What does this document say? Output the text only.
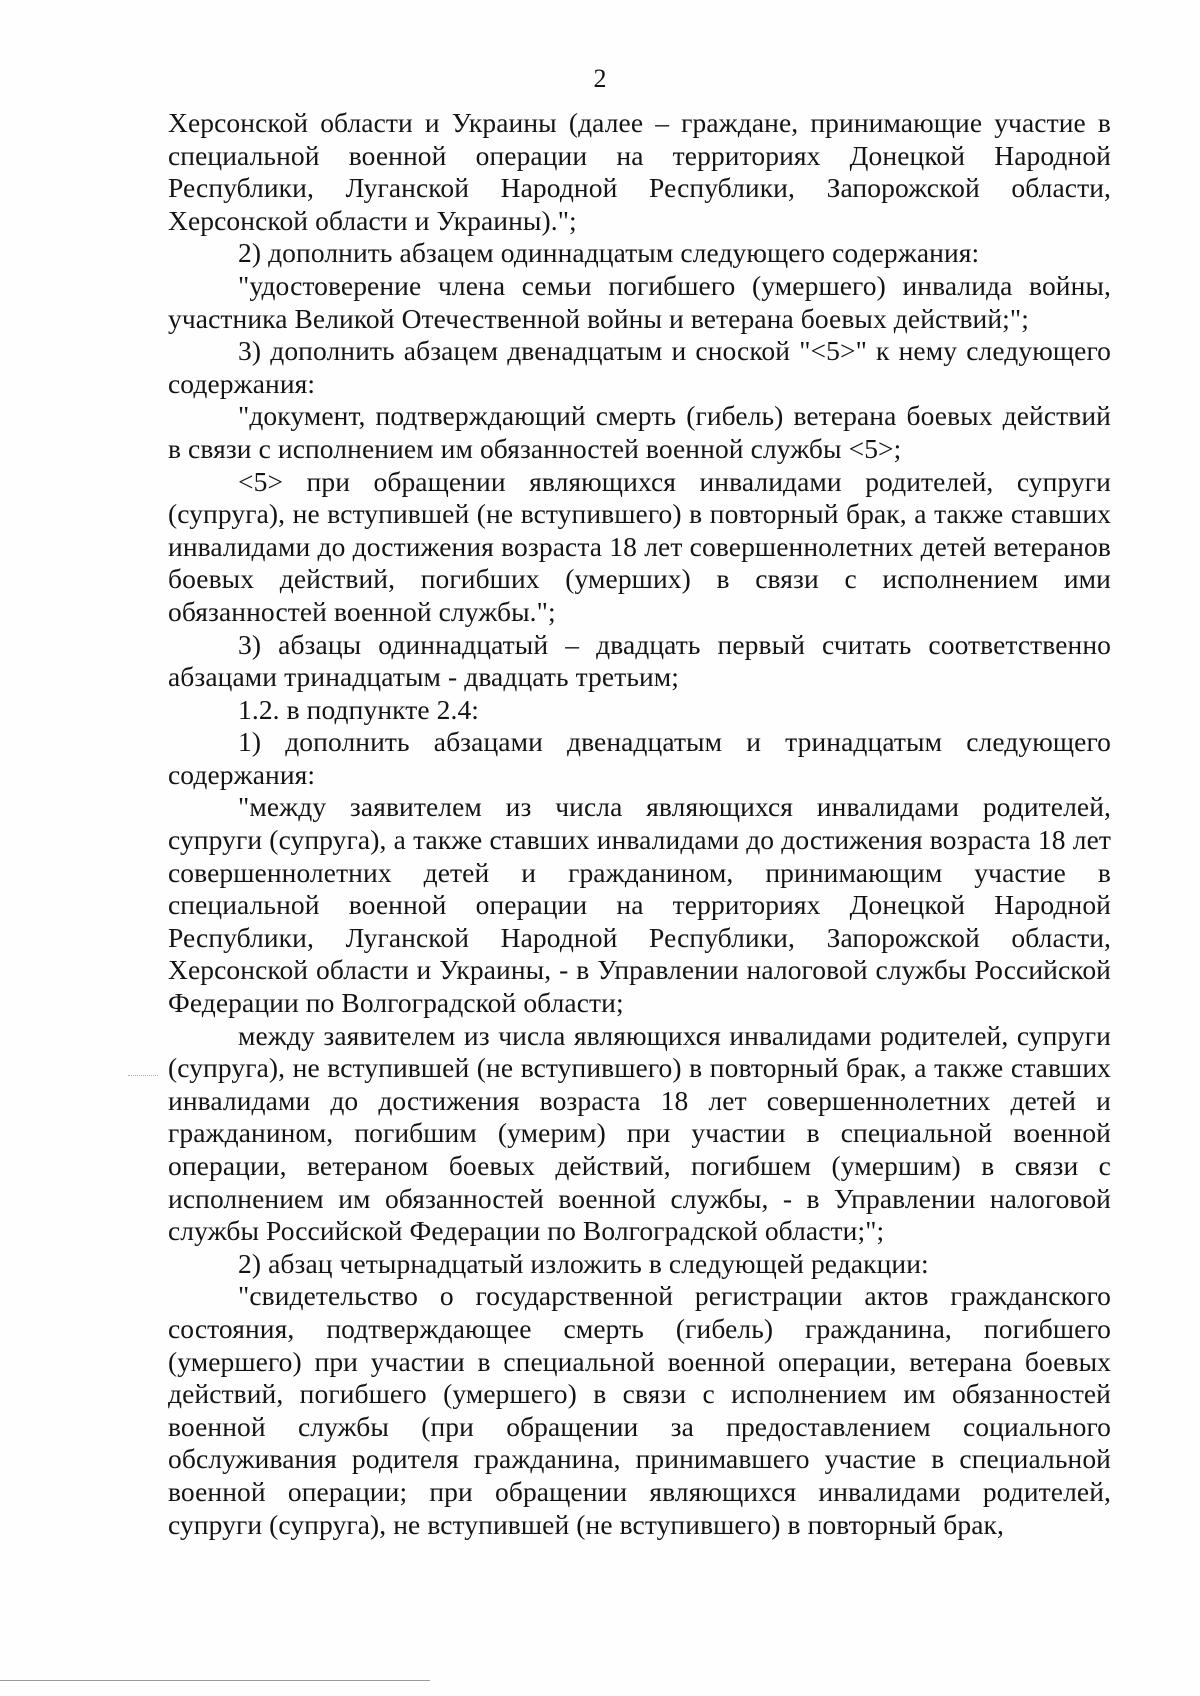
2

Херсонской области и Украины (далее – граждане, принимающие участие в специальной военной операции на территориях Донецкой Народной Республики, Луганской Народной Республики, Запорожской области, Херсонской области и Украины).";

2) дополнить абзацем одиннадцатым следующего содержания:

"удостоверение члена семьи погибшего (умершего) инвалида войны, участника Великой Отечественной войны и ветерана боевых действий;";

3) дополнить абзацем двенадцатым и сноской "<5>" к нему следующего содержания:

"документ, подтверждающий смерть (гибель) ветерана боевых действий в связи с исполнением им обязанностей военной службы <5>;

<5> при обращении являющихся инвалидами родителей, супруги (супруга), не вступившей (не вступившего) в повторный брак, а также ставших инвалидами до достижения возраста 18 лет совершеннолетних детей ветеранов боевых действий, погибших (умерших) в связи с исполнением ими обязанностей военной службы.";

3) абзацы одиннадцатый – двадцать первый считать соответственно абзацами тринадцатым - двадцать третьим;

1.2. в подпункте 2.4:

1) дополнить абзацами двенадцатым и тринадцатым следующего содержания:

"между заявителем из числа являющихся инвалидами родителей, супруги (супруга), а также ставших инвалидами до достижения возраста 18 лет совершеннолетних детей и гражданином, принимающим участие в специальной военной операции на территориях Донецкой Народной Республики, Луганской Народной Республики, Запорожской области, Херсонской области и Украины, - в Управлении налоговой службы Российской Федерации по Волгоградской области;

между заявителем из числа являющихся инвалидами родителей, супруги (супруга), не вступившей (не вступившего) в повторный брак, а также ставших инвалидами до достижения возраста 18 лет совершеннолетних детей и гражданином, погибшим (умерим) при участии в специальной военной операции, ветераном боевых действий, погибшем (умершим) в связи с исполнением им обязанностей военной службы, - в Управлении налоговой службы Российской Федерации по Волгоградской области;";

2) абзац четырнадцатый изложить в следующей редакции:

"свидетельство о государственной регистрации актов гражданского состояния, подтверждающее смерть (гибель) гражданина, погибшего (умершего) при участии в специальной военной операции, ветерана боевых действий, погибшего (умершего) в связи с исполнением им обязанностей военной службы (при обращении за предоставлением социального обслуживания родителя гражданина, принимавшего участие в специальной военной операции; при обращении являющихся инвалидами родителей, супруги (супруга), не вступившей (не вступившего) в повторный брак,
